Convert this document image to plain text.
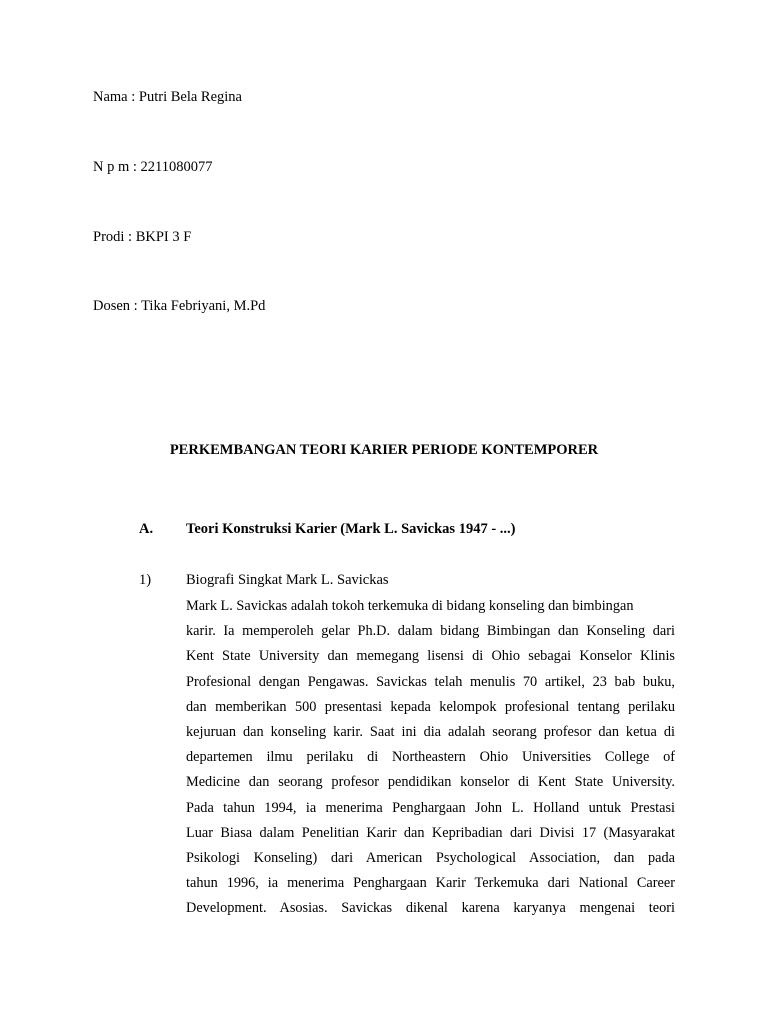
Nama : Putri Bela Regina
N p m : 2211080077
Prodi : BKPI 3 F
Dosen : Tika Febriyani, M.Pd
PERKEMBANGAN TEORI KARIER PERIODE KONTEMPORER
A. Teori Konstruksi Karier (Mark L. Savickas 1947 - ...)
1) Biografi Singkat Mark L. Savickas
Mark L. Savickas adalah tokoh terkemuka di bidang konseling dan bimbingan
karir. Ia memperoleh gelar Ph.D. dalam bidang Bimbingan dan Konseling dari
Kent State University dan memegang lisensi di Ohio sebagai Konselor Klinis
Profesional dengan Pengawas. Savickas telah menulis 70 artikel, 23 bab buku,
dan memberikan 500 presentasi kepada kelompok profesional tentang perilaku
kejuruan dan konseling karir. Saat ini dia adalah seorang profesor dan ketua di
departemen ilmu perilaku di Northeastern Ohio Universities College of
Medicine dan seorang profesor pendidikan konselor di Kent State University.
Pada tahun 1994, ia menerima Penghargaan John L. Holland untuk Prestasi
Luar Biasa dalam Penelitian Karir dan Kepribadian dari Divisi 17 (Masyarakat
Psikologi Konseling) dari American Psychological Association, dan pada
tahun 1996, ia menerima Penghargaan Karir Terkemuka dari National Career
Development. Asosias. Savickas dikenal karena karyanya mengenai teori
